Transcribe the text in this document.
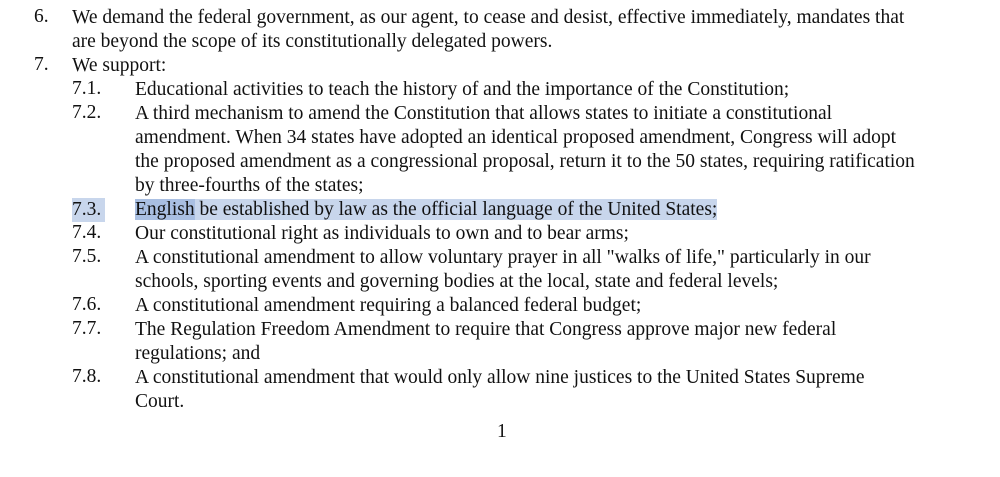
6. We demand the federal government, as our agent, to cease and desist, effective immediately, mandates that
are beyond the scope of its constitutionally delegated powers.
7. We support:
7.1. Educational activities to teach the history of and the importance of the Constitution;
7.2. A third mechanism to amend the Constitution that allows states to initiate a constitutional
amendment. When 34 states have adopted an identical proposed amendment, Congress will adopt
the proposed amendment as a congressional proposal, return it to the 50 states, requiring ratification
by three-fourths of the states;
7.3. English be established by law as the official language of the United States;
7.4. Our constitutional right as individuals to own and to bear arms;
7.5. A constitutional amendment to allow voluntary prayer in all "walks of life," particularly in our
schools, sporting events and governing bodies at the local, state and federal levels;
7.6. A constitutional amendment requiring a balanced federal budget;
7.7. The Regulation Freedom Amendment to require that Congress approve major new federal
regulations; and
7.8. A constitutional amendment that would only allow nine justices to the United States Supreme
Court.
1
